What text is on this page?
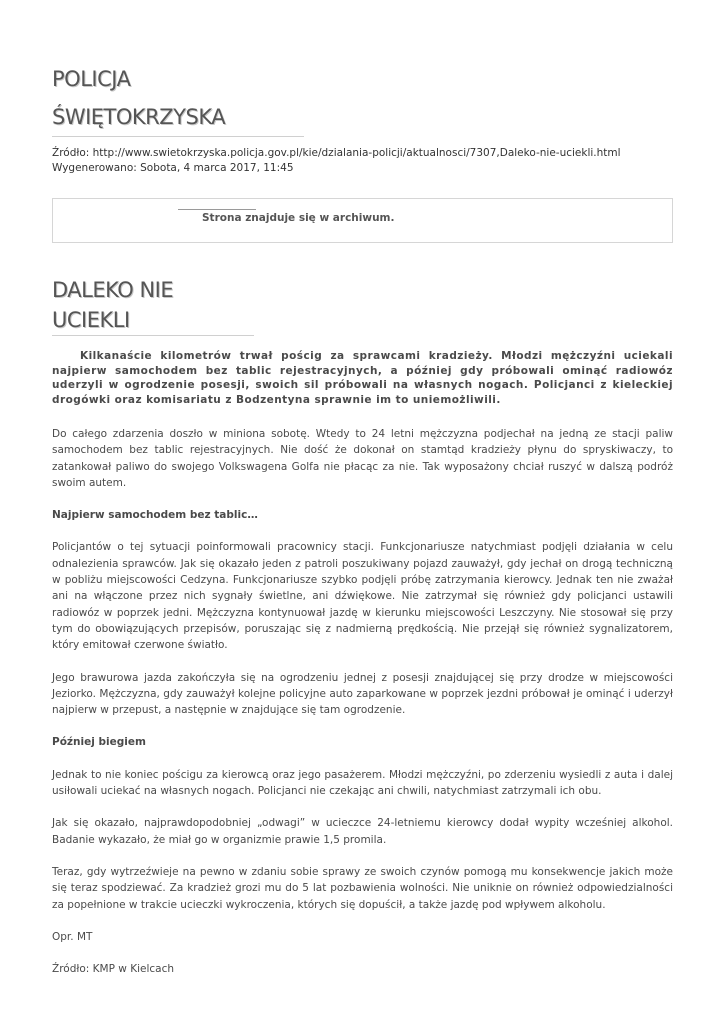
POLICJA ŚWIĘTOKRZYSKA
Źródło: http://www.swietokrzyska.policja.gov.pl/kie/dzialania-policji/aktualnosci/7307,Daleko-nie-uciekli.html
Wygenerowano: Sobota, 4 marca 2017, 11:45
Strona znajduje się w archiwum.
DALEKO NIE UCIEKLI
Kilkanaście kilometrów trwał pościg za sprawcami kradzieży. Młodzi mężczyźni uciekali najpierw samochodem bez tablic rejestracyjnych, a później gdy próbowali ominąć radiowóz uderzyli w ogrodzenie posesji, swoich sil próbowali na własnych nogach. Policjanci z kieleckiej drogówki oraz komisariatu z Bodzentyna sprawnie im to uniemożliwili.

Do całego zdarzenia doszło w miniona sobotę. Wtedy to 24 letni mężczyzna podjechał na jedną ze stacji paliw samochodem bez tablic rejestracyjnych. Nie dość że dokonał on stamtąd kradzieży płynu do spryskiwaczy, to zatankował paliwo do swojego Volkswagena Golfa nie płacąc za nie. Tak wyposażony chciał ruszyć w dalszą podróż swoim autem.

Najpierw samochodem bez tablic…

Policjantów o tej sytuacji poinformowali pracownicy stacji. Funkcjonariusze natychmiast podjęli działania w celu odnalezienia sprawców. Jak się okazało jeden z patroli poszukiwany pojazd zauważył, gdy jechał on drogą techniczną w pobliżu miejscowości Cedzyna. Funkcjonariusze szybko podjęli próbę zatrzymania kierowcy. Jednak ten nie zważał ani na włączone przez nich sygnały świetlne, ani dźwiękowe. Nie zatrzymał się również gdy policjanci ustawili radiowóz w poprzek jedni. Mężczyzna kontynuował jazdę w kierunku miejscowości Leszczyny. Nie stosował się przy tym do obowiązujących przepisów, poruszając się z nadmierną prędkością. Nie przejął się również sygnalizatorem, który emitował czerwone światło.

Jego brawurowa jazda zakończyła się na ogrodzeniu jednej z posesji znajdującej się przy drodze w miejscowości Jeziorko. Mężczyzna, gdy zauważył kolejne policyjne auto zaparkowane w poprzek jezdni próbował je ominąć i uderzył najpierw w przepust, a następnie w znajdujące się tam ogrodzenie.

Później biegiem

Jednak to nie koniec pościgu za kierowcą oraz jego pasażerem. Młodzi mężczyźni, po zderzeniu wysiedli z auta i dalej usiłowali uciekać na własnych nogach. Policjanci nie czekając ani chwili, natychmiast zatrzymali ich obu.

Jak się okazało, najprawdopodobniej „odwagi” w ucieczce 24-letniemu kierowcy dodał wypity wcześniej alkohol. Badanie wykazało, że miał go w organizmie prawie 1,5 promila.

Teraz, gdy wytrzeźwieje na pewno w zdaniu sobie sprawy ze swoich czynów pomogą mu konsekwencje jakich może się teraz spodziewać. Za kradzież grozi mu do 5 lat pozbawienia wolności. Nie uniknie on również odpowiedzialności za popełnione w trakcie ucieczki wykroczenia, których się dopuścił, a także jazdę pod wpływem alkoholu.

Opr. MT

Źródło: KMP w Kielcach
